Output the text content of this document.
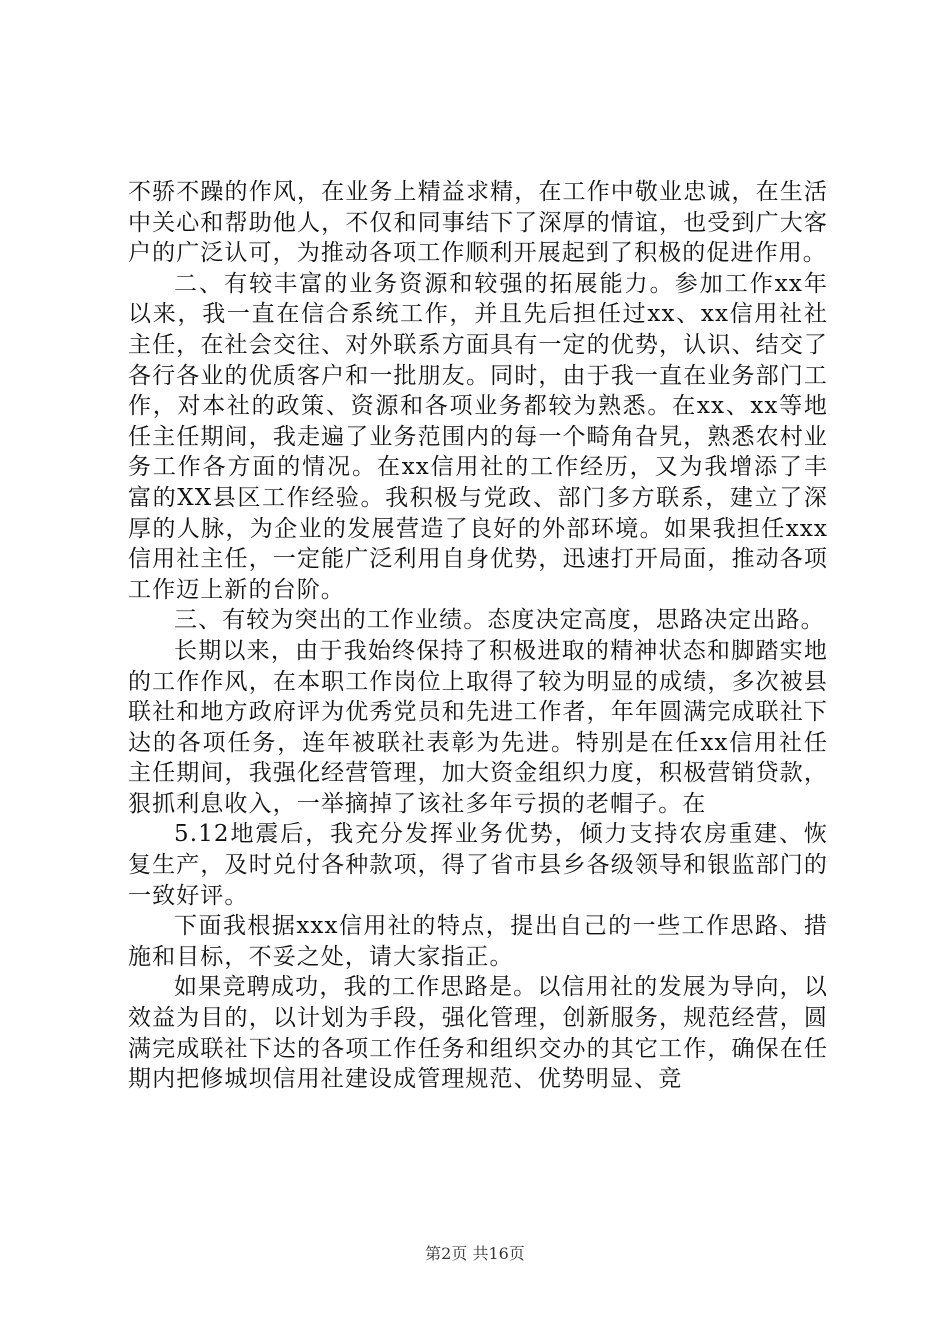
不骄不躁的作风，在业务上精益求精，在工作中敬业忠诚，在生活中关心和帮助他人，不仅和同事结下了深厚的情谊，也受到广大客户的广泛认可，为推动各项工作顺利开展起到了积极的促进作用。

二、有较丰富的业务资源和较强的拓展能力。参加工作xx年以来，我一直在信合系统工作，并且先后担任过xx、xx信用社社主任，在社会交往、对外联系方面具有一定的优势，认识、结交了各行各业的优质客户和一批朋友。同时，由于我一直在业务部门工作，对本社的政策、资源和各项业务都较为熟悉。在xx、xx等地任主任期间，我走遍了业务范围内的每一个畸角旮旯，熟悉农村业务工作各方面的情况。在xx信用社的工作经历，又为我增添了丰富的XX县区工作经验。我积极与党政、部门多方联系，建立了深厚的人脉，为企业的发展营造了良好的外部环境。如果我担任xxx信用社主任，一定能广泛利用自身优势，迅速打开局面，推动各项工作迈上新的台阶。

三、有较为突出的工作业绩。态度决定高度，思路决定出路。

长期以来，由于我始终保持了积极进取的精神状态和脚踏实地的工作作风，在本职工作岗位上取得了较为明显的成绩，多次被县联社和地方政府评为优秀党员和先进工作者，年年圆满完成联社下达的各项任务，连年被联社表彰为先进。特别是在任xx信用社任主任期间，我强化经营管理，加大资金组织力度，积极营销贷款，狠抓利息收入，一举摘掉了该社多年亏损的老帽子。在

5.12地震后，我充分发挥业务优势，倾力支持农房重建、恢复生产，及时兑付各种款项，得了省市县乡各级领导和银监部门的一致好评。

下面我根据xxx信用社的特点，提出自己的一些工作思路、措施和目标，不妥之处，请大家指正。

如果竞聘成功，我的工作思路是。以信用社的发展为导向，以效益为目的，以计划为手段，强化管理，创新服务，规范经营，圆满完成联社下达的各项工作任务和组织交办的其它工作，确保在任期内把修城坝信用社建设成管理规范、优势明显、竞

第2页 共16页
